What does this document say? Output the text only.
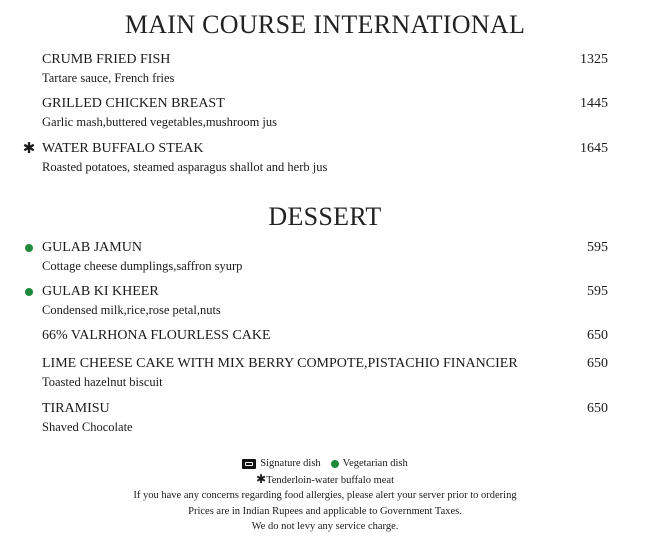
MAIN COURSE INTERNATIONAL
CRUMB FRIED FISH
Tartare sauce, French fries
1325
GRILLED CHICKEN BREAST
Garlic mash,buttered vegetables,mushroom jus
1445
✱ WATER BUFFALO STEAK
Roasted potatoes, steamed asparagus shallot and herb jus
1645
DESSERT
GULAB JAMUN
Cottage cheese dumplings,saffron syurp
595
GULAB KI KHEER
Condensed milk,rice,rose petal,nuts
595
66% VALRHONA FLOURLESS CAKE	650
LIME CHEESE CAKE WITH MIX BERRY COMPOTE,PISTACHIO FINANCIER
Toasted hazelnut biscuit
650
TIRAMISU
Shaved Chocolate
650
Signature dish Vegetarian dish
✱Tenderloin-water buffalo meat
If you have any concerns regarding food allergies, please alert your server prior to ordering
Prices are in Indian Rupees and applicable to Government Taxes.
We do not levy any service charge.
